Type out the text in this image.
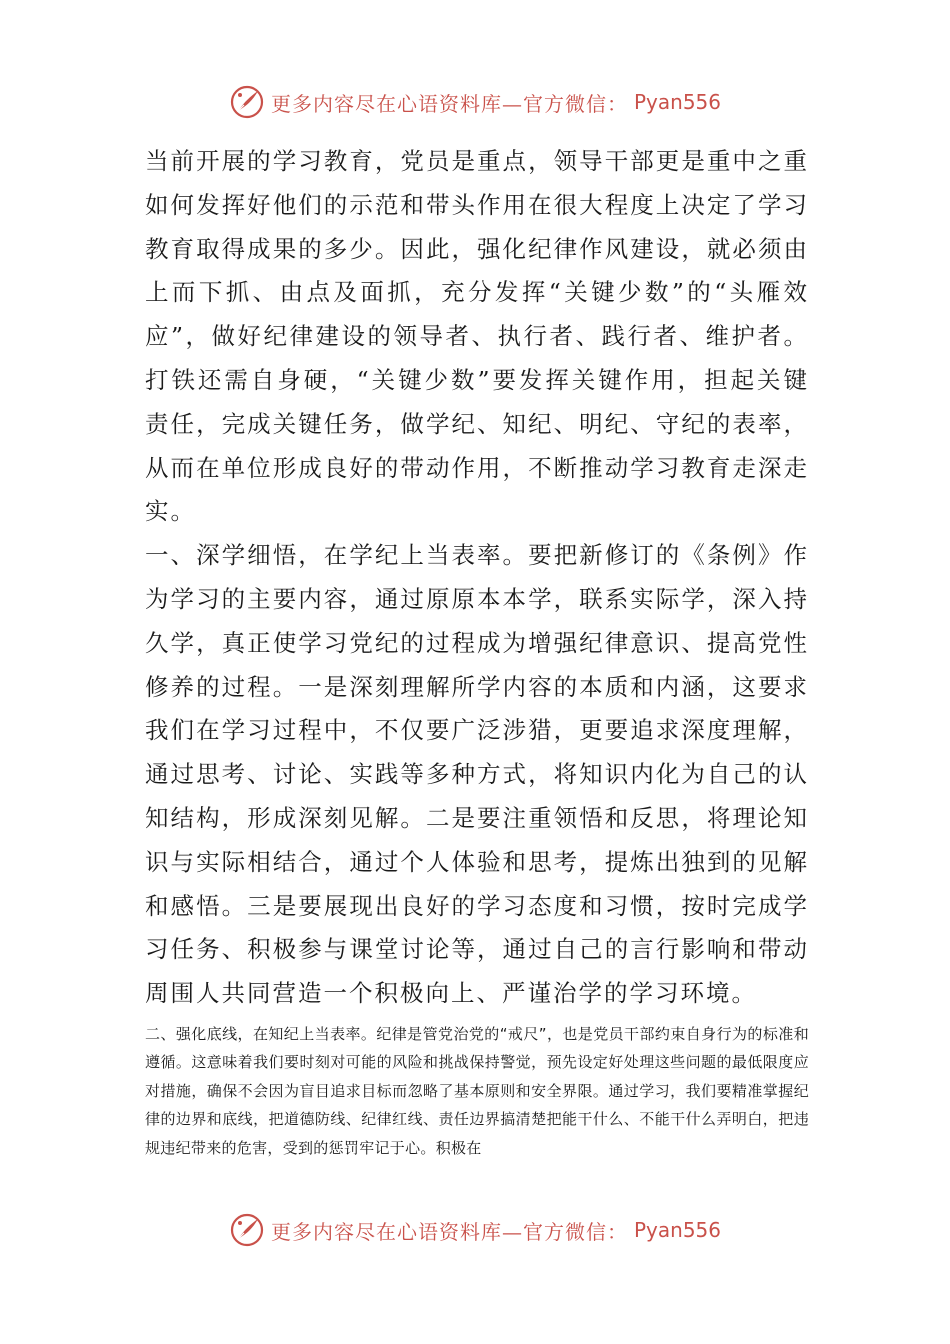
更多内容尽在心语资料库—官方微信： Pyan556

当前开展的学习教育，党员是重点，领导干部更是重中之重如何发挥好他们的示范和带头作用在很大程度上决定了学习教育取得成果的多少。因此，强化纪律作风建设，就必须由上而下抓、由点及面抓，充分发挥“关键少数”的“头雁效应”，做好纪律建设的领导者、执行者、践行者、维护者。打铁还需自身硬，“关键少数”要发挥关键作用，担起关键责任，完成关键任务，做学纪、知纪、明纪、守纪的表率，从而在单位形成良好的带动作用，不断推动学习教育走深走实。

一、深学细悟，在学纪上当表率。要把新修订的《条例》作为学习的主要内容，通过原原本本学，联系实际学，深入持久学，真正使学习党纪的过程成为增强纪律意识、提高党性修养的过程。一是深刻理解所学内容的本质和内涵，这要求我们在学习过程中，不仅要广泛涉猎，更要追求深度理解，通过思考、讨论、实践等多种方式，将知识内化为自己的认知结构，形成深刻见解。二是要注重领悟和反思，将理论知识与实际相结合，通过个人体验和思考，提炼出独到的见解和感悟。三是要展现出良好的学习态度和习惯，按时完成学习任务、积极参与课堂讨论等，通过自己的言行影响和带动周围人共同营造一个积极向上、严谨治学的学习环境。

二、强化底线，在知纪上当表率。纪律是管党治党的“戒尺”，也是党员干部约束自身行为的标准和遵循。这意味着我们要时刻对可能的风险和挑战保持警觉，预先设定好处理这些问题的最低限度应对措施，确保不会因为盲目追求目标而忽略了基本原则和安全界限。通过学习，我们要精准掌握纪律的边界和底线，把道德防线、纪律红线、责任边界搞清楚把能干什么、不能干什么弄明白，把违规违纪带来的危害，受到的惩罚牢记于心。积极在

更多内容尽在心语资料库—官方微信： Pyan556
